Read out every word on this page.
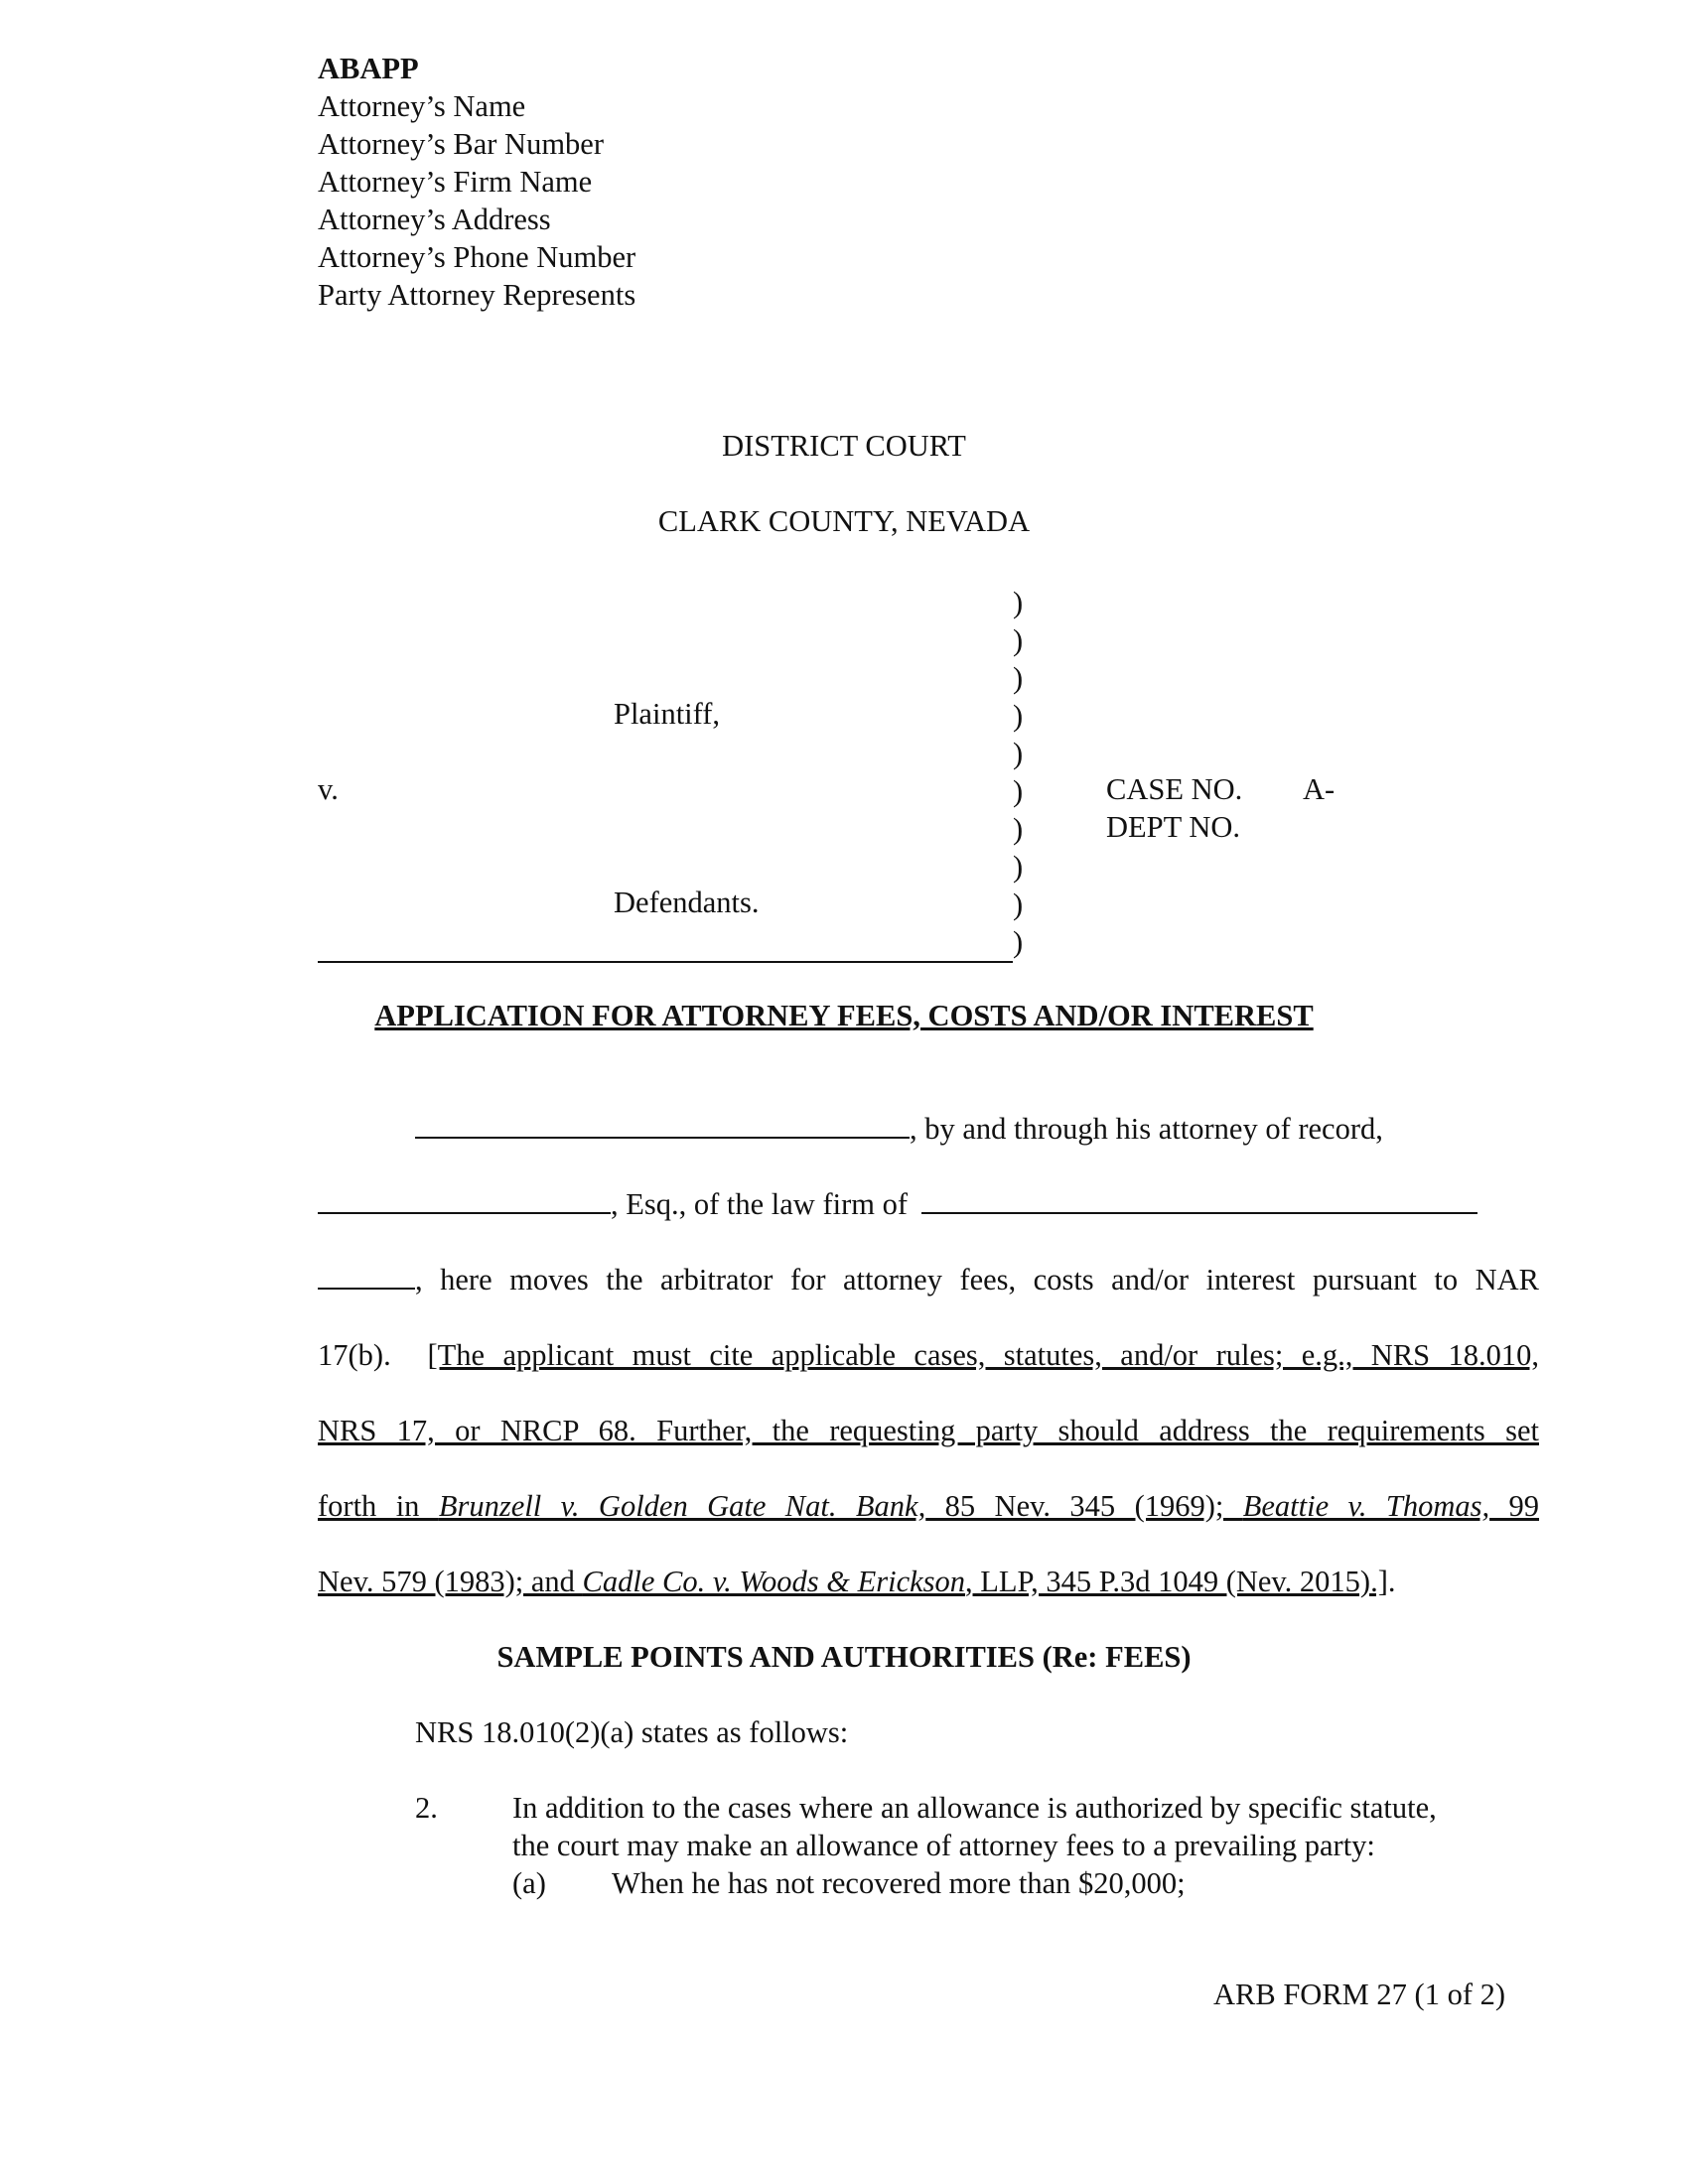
ABAPP
Attorney’s Name
Attorney’s Bar Number
Attorney’s Firm Name
Attorney’s Address
Attorney’s Phone Number
Party Attorney Represents
DISTRICT COURT
CLARK COUNTY, NEVADA
Plaintiff,
v.
Defendants.
)
)
)
)
)
)
)
)
)
)
CASE NO. A-
DEPT NO.
APPLICATION FOR ATTORNEY FEES, COSTS AND/OR INTEREST
, by and through his attorney of record,
, Esq., of the law firm of
, here moves the arbitrator for attorney fees, costs and/or interest pursuant to NAR
17(b). [The applicant must cite applicable cases, statutes, and/or rules; e.g., NRS 18.010,
NRS 17, or NRCP 68. Further, the requesting party should address the requirements set
forth in Brunzell v. Golden Gate Nat. Bank, 85 Nev. 345 (1969); Beattie v. Thomas, 99
Nev. 579 (1983); and Cadle Co. v. Woods & Erickson, LLP, 345 P.3d 1049 (Nev. 2015).].
SAMPLE POINTS AND AUTHORITIES (Re: FEES)
NRS 18.010(2)(a) states as follows:
2. In addition to the cases where an allowance is authorized by specific statute,
the court may make an allowance of attorney fees to a prevailing party:
(a) When he has not recovered more than $20,000;
ARB FORM 27 (1 of 2)
